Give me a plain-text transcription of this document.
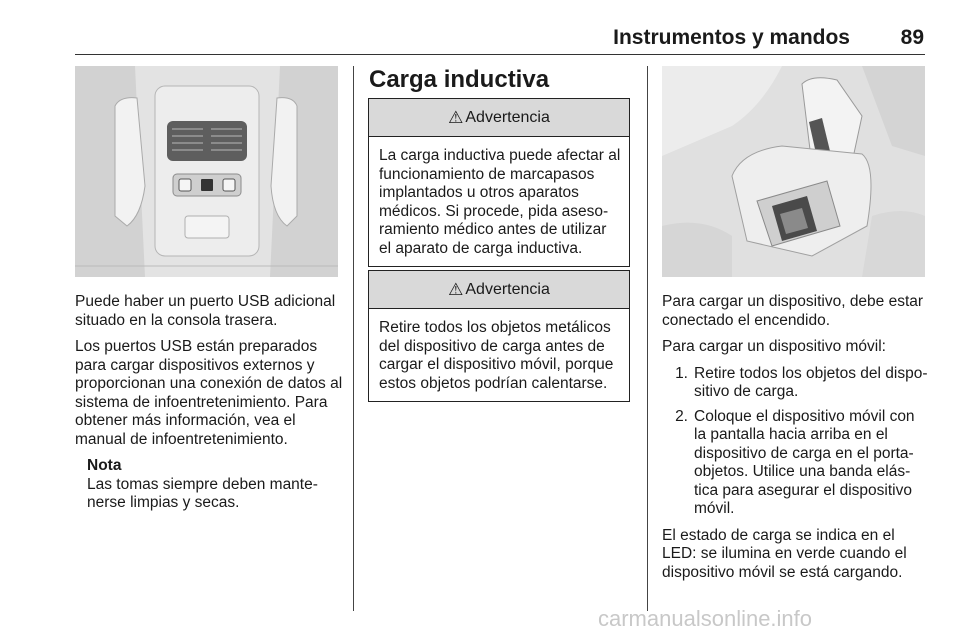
Instrumentos y mandos	89

Puede haber un puerto USB adicional situado en la consola trasera.

Los puertos USB están preparados para cargar dispositivos externos y proporcionan una conexión de datos al sistema de infoentretenimiento. Para obtener más información, vea el manual de infoentretenimiento.

Nota
Las tomas siempre deben mante- nerse limpias y secas.
Carga inductiva
⚠ Advertencia
La carga inductiva puede afectar al funcionamiento de marcapasos implantados u otros aparatos médicos. Si procede, pida aseso- ramiento médico antes de utilizar el aparato de carga inductiva.
⚠ Advertencia
Retire todos los objetos metálicos del dispositivo de carga antes de cargar el dispositivo móvil, porque estos objetos podrían calentarse.

Para cargar un dispositivo, debe estar conectado el encendido.

Para cargar un dispositivo móvil:

1. Retire todos los objetos del dispo- sitivo de carga.
2. Coloque el dispositivo móvil con la pantalla hacia arriba en el dispositivo de carga en el porta- objetos. Utilice una banda elás- tica para asegurar el dispositivo móvil.

El estado de carga se indica en el LED: se ilumina en verde cuando el dispositivo móvil se está cargando.

carmanualsonline.info
